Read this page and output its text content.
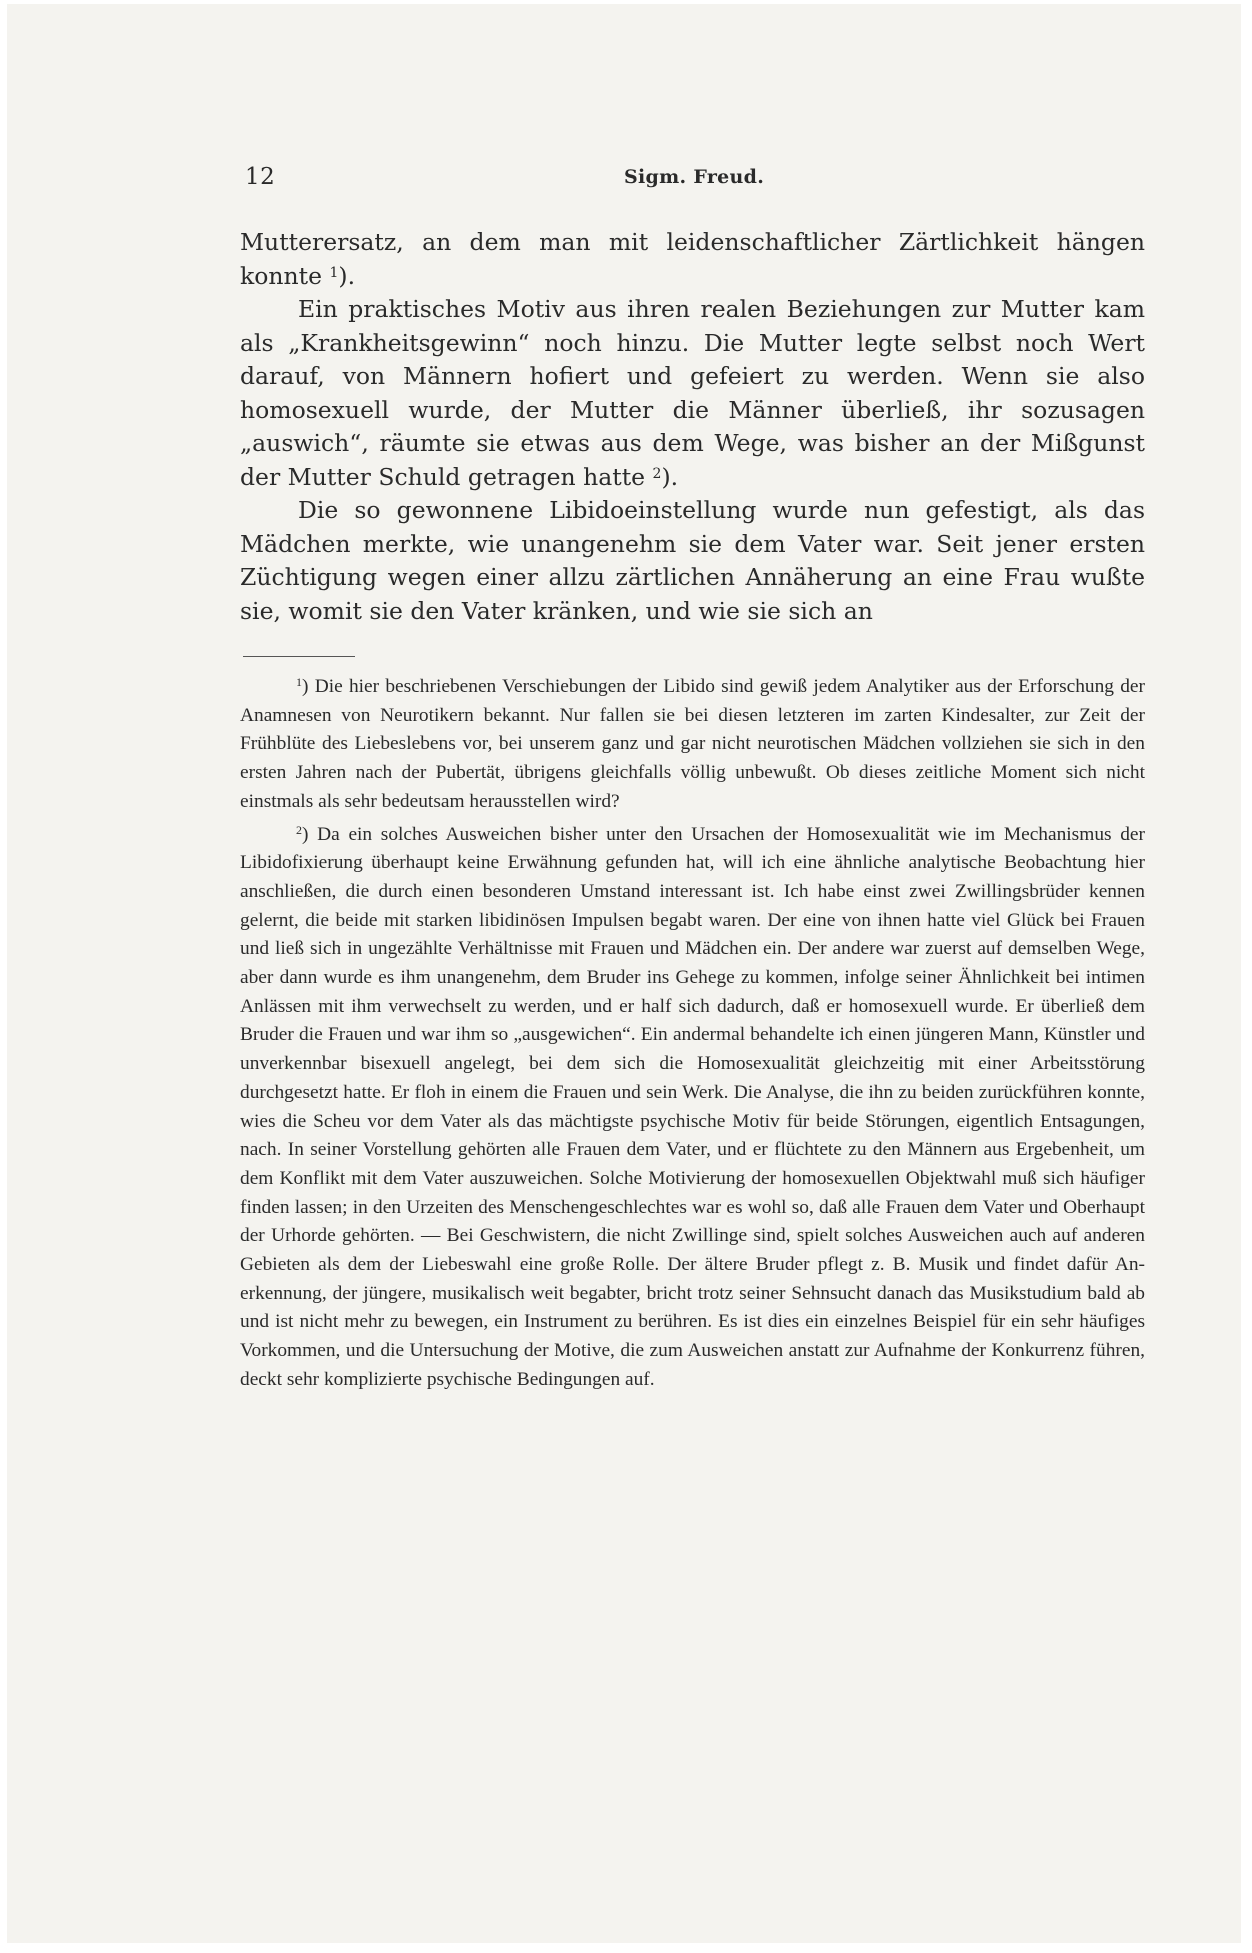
12	Sigm. Freud.

Mutterersatz, an dem man mit leidenschaftlicher Zärtlichkeit hängen konnte $^1$).

Ein praktisches Motiv aus ihren realen Beziehungen zur Mutter kam als „Krankheitsgewinn“ noch hinzu. Die Mutter legte selbst noch Wert darauf, von Männern hofiert und gefeiert zu werden. Wenn sie also homosexuell wurde, der Mutter die Männer überließ, ihr sozusagen „auswich“, räumte sie etwas aus dem Wege, was bisher an der Mißgunst der Mutter Schuld getragen hatte $^2$).

Die so gewonnene Libidoeinstellung wurde nun gefestigt, als das Mädchen merkte, wie unangenehm sie dem Vater war. Seit jener ersten Züchtigung wegen einer allzu zärtlichen Annäherung an eine Frau wußte sie, womit sie den Vater kränken, und wie sie sich an

$^1$) Die hier beschriebenen Verschiebungen der Libido sind gewiß jedem Analytiker aus der Erforschung der Anamnesen von Neurotikern bekannt. Nur fallen sie bei diesen letzteren im zarten Kindesalter, zur Zeit der Frühblüte des Liebeslebens vor, bei unserem ganz und gar nicht neurotischen Mädchen vollziehen sie sich in den ersten Jahren nach der Pubertät, übrigens gleichfalls völlig unbewußt. Ob dieses zeitliche Moment sich nicht einstmals als sehr bedeutsam herausstellen wird?

$^2$) Da ein solches Ausweichen bisher unter den Ursachen der Homosexualität wie im Mechanismus der Libidofixierung überhaupt keine Erwähnung gefunden hat, will ich eine ähnliche analytische Beobachtung hier anschließen, die durch einen besonderen Umstand interessant ist. Ich habe einst zwei Zwillingsbrüder kennen gelernt, die beide mit starken libidinösen Impulsen begabt waren. Der eine von ihnen hatte viel Glück bei Frauen und ließ sich in ungezählte Verhältnisse mit Frauen und Mädchen ein. Der andere war zuerst auf demselben Wege, aber dann wurde es ihm unangenehm, dem Bruder ins Gehege zu kommen, infolge seiner Ähnlichkeit bei intimen Anlässen mit ihm verwechselt zu werden, und er half sich dadurch, daß er homosexuell wurde. Er überließ dem Bruder die Frauen und war ihm so „ausgewichen“. Ein andermal behandelte ich einen jüngeren Mann, Künstler und unverkennbar bisexuell angelegt, bei dem sich die Homosexualität gleichzeitig mit einer Arbeitsstörung durchgesetzt hatte. Er floh in einem die Frauen und sein Werk. Die Analyse, die ihn zu beiden zurückführen konnte, wies die Scheu vor dem Vater als das mächtigste psychische Motiv für beide Störungen, eigentlich Entsagungen, nach. In seiner Vorstellung gehörten alle Frauen dem Vater, und er flüchtete zu den Männern aus Ergebenheit, um dem Konflikt mit dem Vater auszuweichen. Solche Motivierung der homosexuellen Objektwahl muß sich häufiger finden lassen; in den Urzeiten des Menschengeschlechtes war es wohl so, daß alle Frauen dem Vater und Oberhaupt der Urhorde gehörten. — Bei Geschwistern, die nicht Zwillinge sind, spielt solches Ausweichen auch auf anderen Gebieten als dem der Liebeswahl eine große Rolle. Der ältere Bruder pflegt z. B. Musik und findet dafür Anerkennung, der jüngere, musikalisch weit begabter, bricht trotz seiner Sehnsucht danach das Musikstudium bald ab und ist nicht mehr zu bewegen, ein Instrument zu berühren. Es ist dies ein einzelnes Beispiel für ein sehr häufiges Vorkommen, und die Untersuchung der Motive, die zum Ausweichen anstatt zur Aufnahme der Konkurrenz führen, deckt sehr komplizierte psychische Bedingungen auf.
